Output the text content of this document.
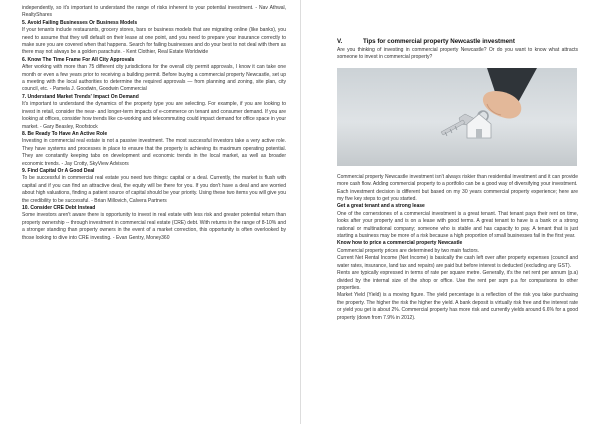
independently, so it's important to understand the range of risks inherent to your potential investment. - Nav Athwal, RealtyShares

5. Avoid Failing Businesses Or Business Models

If your tenants include restaurants, grocery stores, bars or business models that are migrating online (like banks), you need to assume that they will default on their lease at one point, and you need to prepare your insurance correctly to make sure you are covered when that happens. Search for failing businesses and do your best to not deal with them as there may not always be a golden parachute. - Kent Clothier, Real Estate Worldwide

6. Know The Time Frame For All City Approvals

After working with more than 75 different city jurisdictions for the overall city permit approvals, I know it can take one month or even a few years prior to receiving a building permit. Before buying a commercial property Newcastle, set up a meeting with the local authorities to determine the required approvals — from planning and zoning, site plan, city council, etc. - Pamela J. Goodwin, Goodwin Commercial

7. Understand Market Trends' Impact On Demand

It's important to understand the dynamics of the property type you are selecting. For example, if you are looking to invest in retail, consider the near- and longer-term impacts of e-commerce on tenant and consumer demand. If you are looking at offices, consider how trends like co-working and telecommuting could impact demand for office space in your market. - Gary Beasley, Roofstock

8. Be Ready To Have An Active Role

Investing in commercial real estate is not a passive investment. The most successful investors take a very active role. They have systems and processes in place to ensure that the property is achieving its maximum operating potential. They are constantly keeping tabs on development and economic trends in the local market, as well as broader economic trends. - Jay Crotty, SkyView Advisors

9. Find Capital Or A Good Deal

To be successful in commercial real estate you need two things: capital or a deal. Currently, the market is flush with capital and if you can find an attractive deal, the equity will be there for you. If you don't have a deal and are worried about high valuations, finding a patient source of capital should be your priority. Using these two items you will give you the credibility to be successful. - Brian Millovich, Calvera Partners

10. Consider CRE Debt Instead

Some investors aren't aware there is opportunity to invest in real estate with less risk and greater potential return than property ownership -- through investment in commercial real estate (CRE) debt. With returns in the range of 8-10% and a stronger standing than property owners in the event of a market correction, this opportunity is often overlooked by those looking to dive into CRE investing. - Evan Gentry, Money360

V.	Tips for commercial property Newcastle investment

Are you thinking of investing in commercial property Newcastle? Or do you want to know what attracts someone to invest in commercial property?

Commercial property Newcastle investment isn't always riskier than residential investment and it can provide more cash flow. Adding commercial property to a portfolio can be a good way of diversifying your investment.

Each investment decision is different but based on my 30 years commercial property experience; here are my five key steps to get you started.

Get a great tenant and a strong lease

One of the cornerstones of a commercial investment is a great tenant. That tenant pays their rent on time, looks after your property and is on a lease with good terms. A great tenant to have is a bank or a strong national or multinational company; someone who is stable and has capacity to pay. A tenant that is just starting a business may be more of a risk because a high proportion of small businesses fail in the first year.

Know how to price a commercial property Newcastle

Commercial property prices are determined by two main factors.

Current Net Rental Income (Net Income) is basically the cash left over after property expenses (council and water rates, insurance, land tax and repairs) are paid but before interest is deducted (excluding any GST).

Rents are typically expressed in terms of rate per square metre. Generally, it's the net rent per annum (p.a) divided by the internal size of the shop or office. Use the rent per sqm p.a for comparisons to other properties.

Market Yield (Yield) is a moving figure. The yield percentage is a reflection of the risk you take purchasing the property. The higher the risk the higher the yield. A bank deposit is virtually risk free and the interest rate or yield you get is about 2%. Commercial property has more risk and currently yields around 6.6% for a good property (down from 7.9% in 2012).
